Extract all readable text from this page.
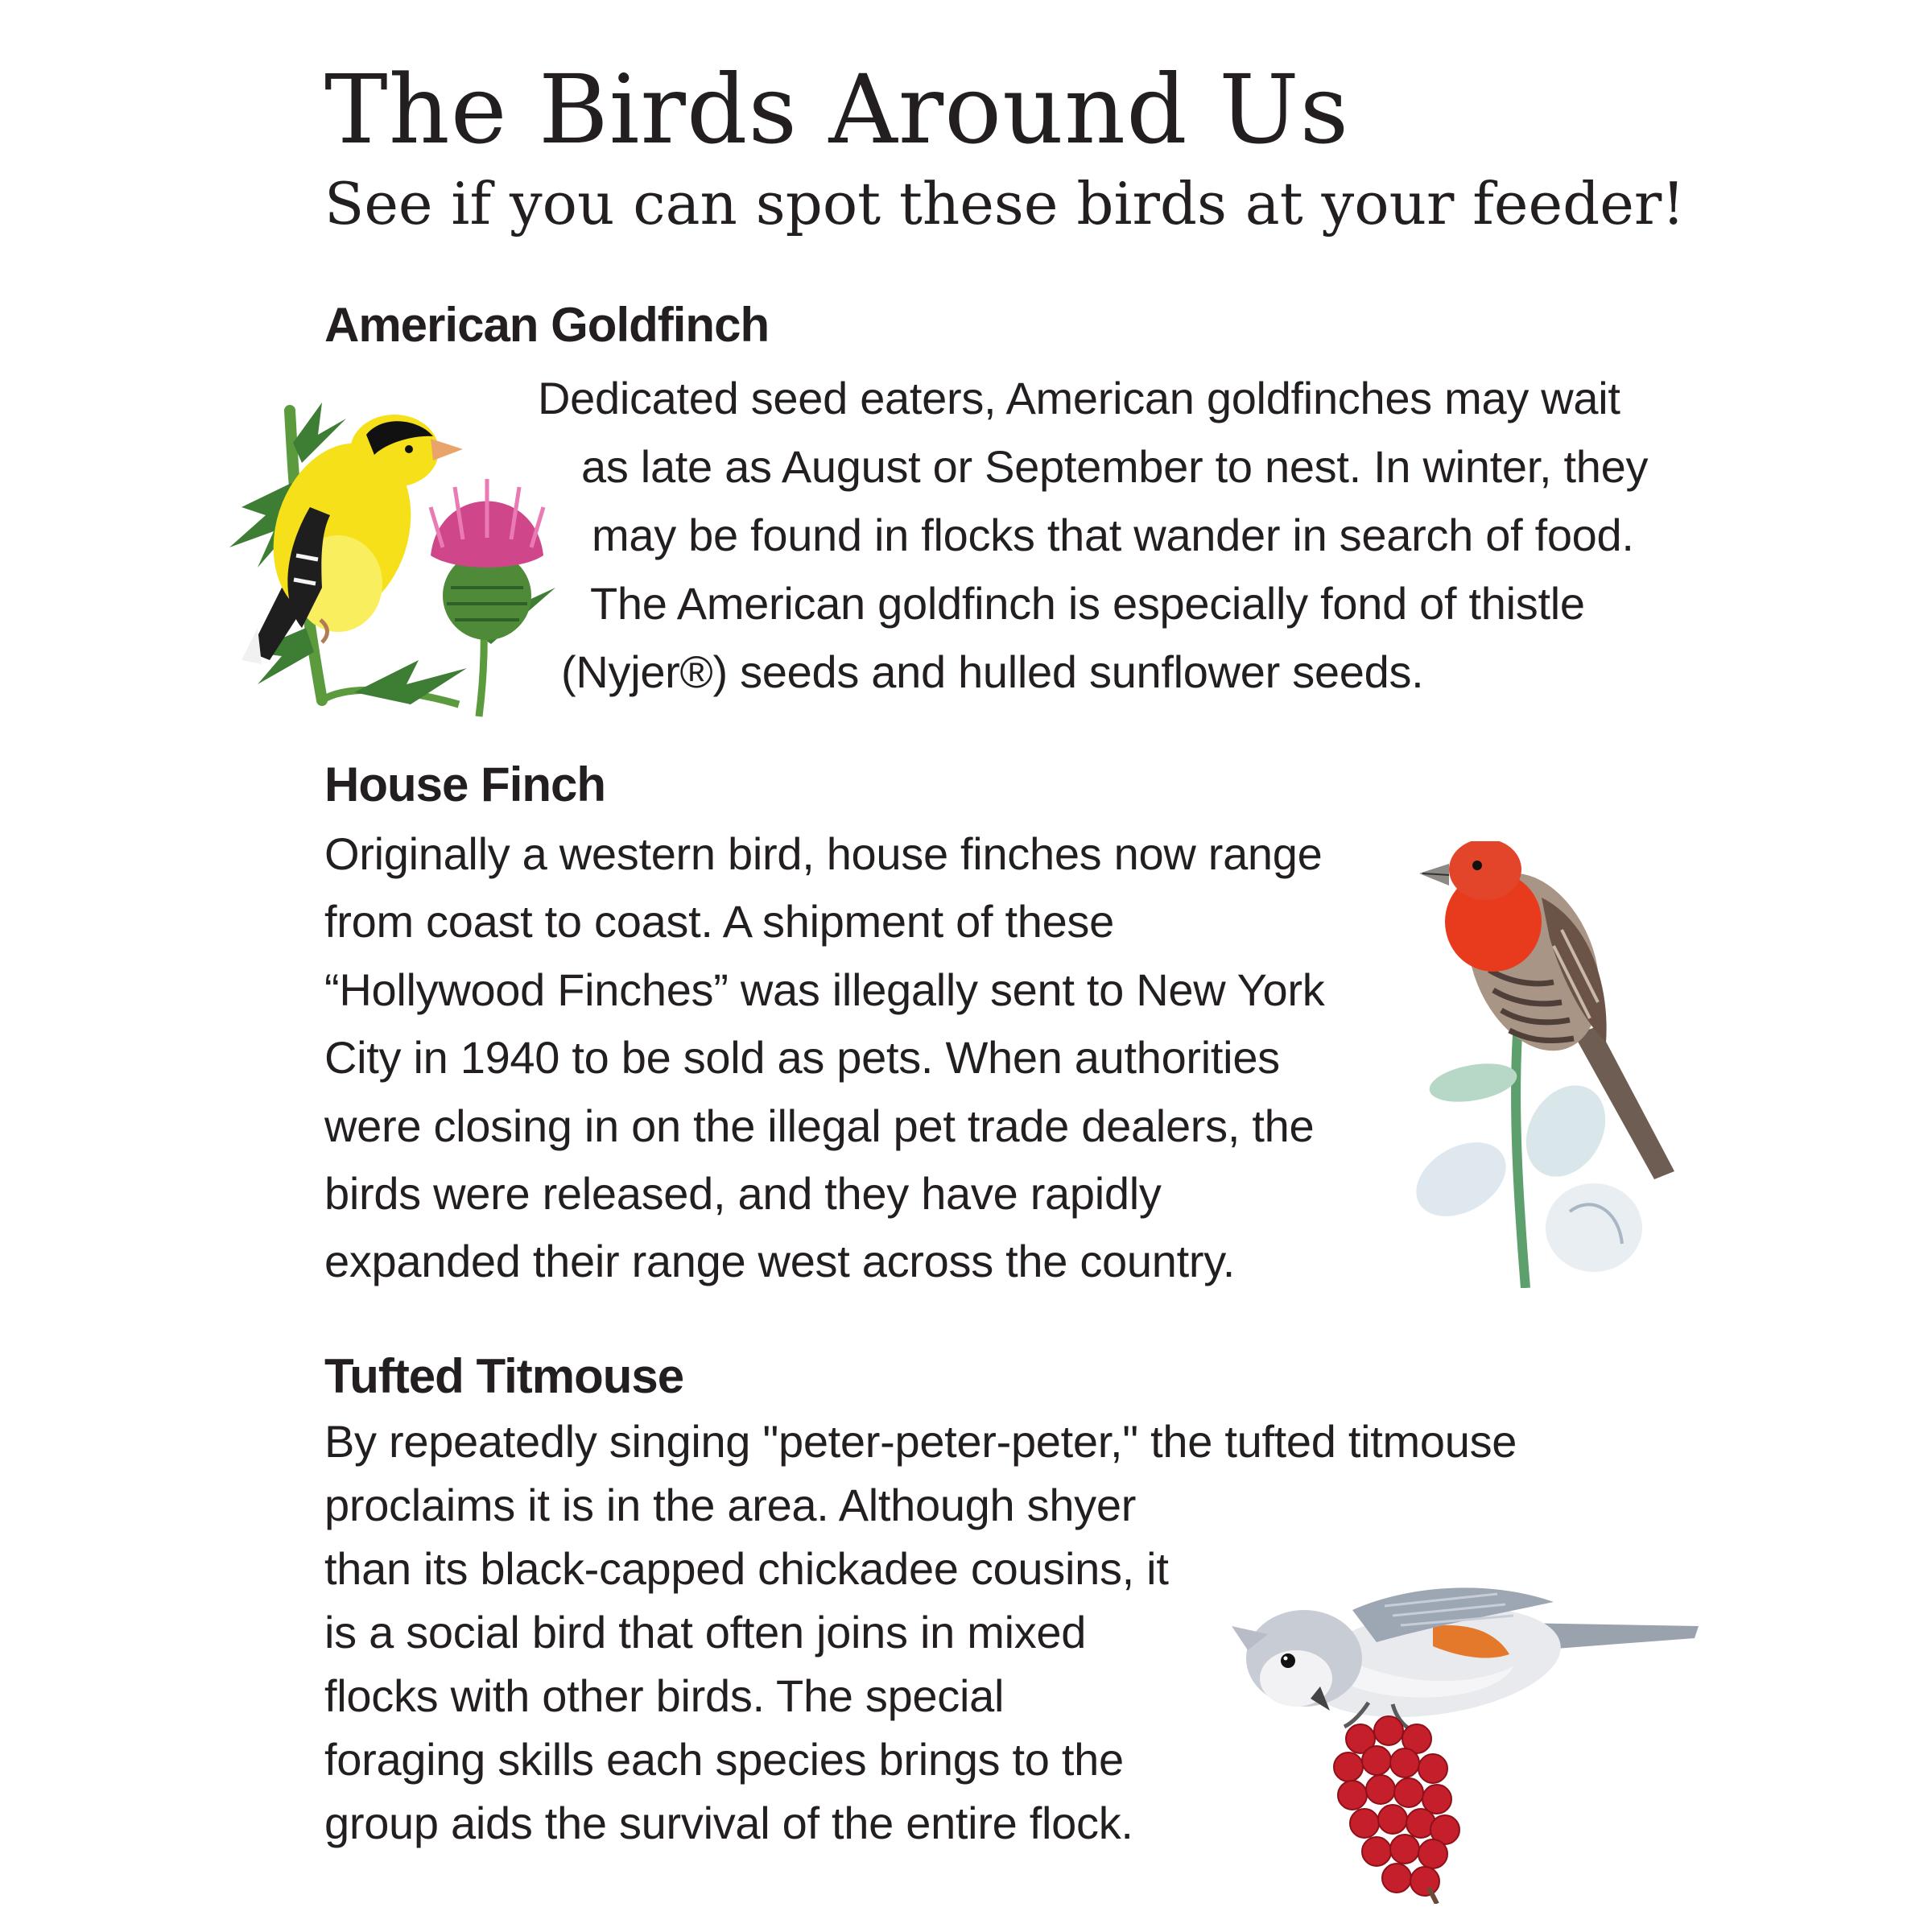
The Birds Around Us
See if you can spot these birds at your feeder!
American Goldfinch

Dedicated seed eaters, American goldfinches may wait

as late as August or September to nest. In winter, they

may be found in flocks that wander in search of food.

The American goldfinch is especially fond of thistle

(Nyjer®) seeds and hulled sunflower seeds.

House Finch

Originally a western bird, house finches now range

from coast to coast. A shipment of these

“Hollywood Finches” was illegally sent to New York

City in 1940 to be sold as pets. When authorities

were closing in on the illegal pet trade dealers, the

birds were released, and they have rapidly

expanded their range west across the country.

Tufted Titmouse

By repeatedly singing "peter-peter-peter," the tufted titmouse

proclaims it is in the area. Although shyer

than its black-capped chickadee cousins, it

is a social bird that often joins in mixed

flocks with other birds. The special

foraging skills each species brings to the

group aids the survival of the entire flock.
